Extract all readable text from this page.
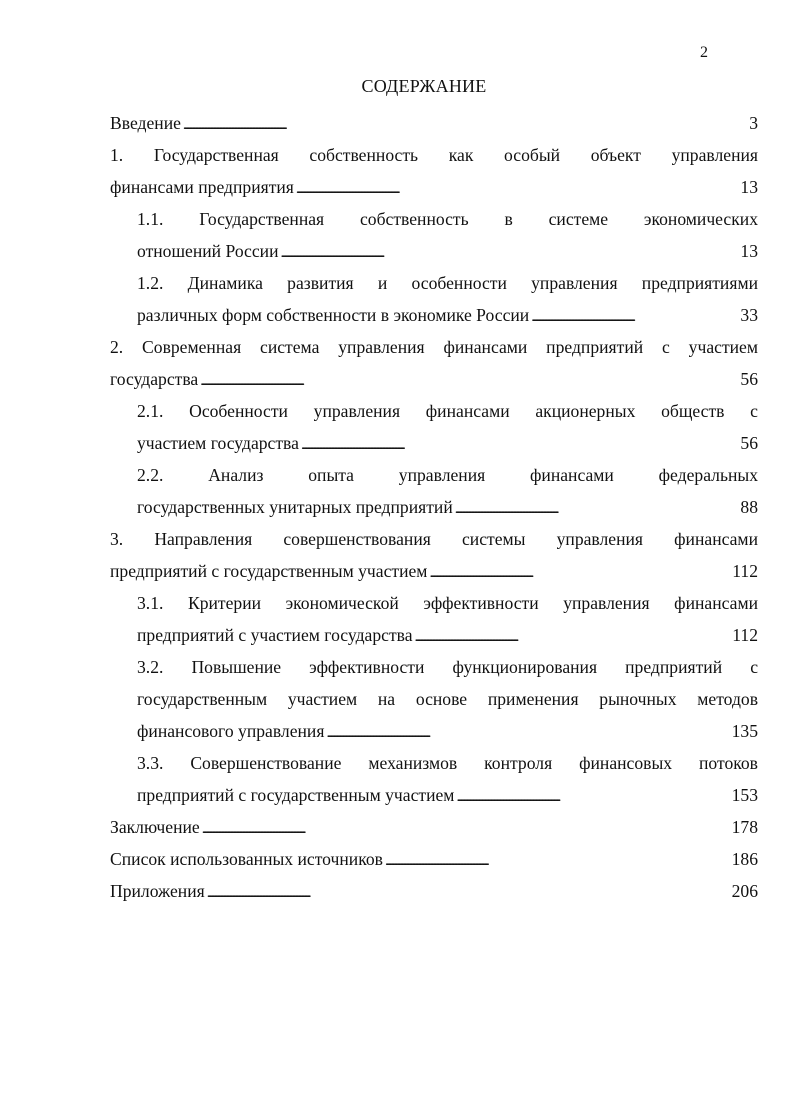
2
СОДЕРЖАНИЕ
Введение . . .	3
1. Государственная собственность как особый объект управления
финансами предприятия . . .	13
1.1. Государственная собственность в системе экономических
отношений России . . .	13
1.2. Динамика развития и особенности управления предприятиями
различных форм собственности в экономике России . . .	33
2. Современная система управления финансами предприятий с участием
государства . . .	56
2.1. Особенности управления финансами акционерных обществ с
участием государства . . .	56
2.2. Анализ опыта управления финансами федеральных
государственных унитарных предприятий . . .	88
3. Направления совершенствования системы управления финансами
предприятий с государственным участием . . .	112
3.1. Критерии экономической эффективности управления финансами
предприятий с участием государства . . .	112
3.2. Повышение эффективности функционирования предприятий с
государственным участием на основе применения рыночных методов
финансового управления . . .	135
3.3. Совершенствование механизмов контроля финансовых потоков
предприятий с государственным участием . . .	153
Заключение . . .	178
Список использованных источников . . .	186
Приложения . . .	206
